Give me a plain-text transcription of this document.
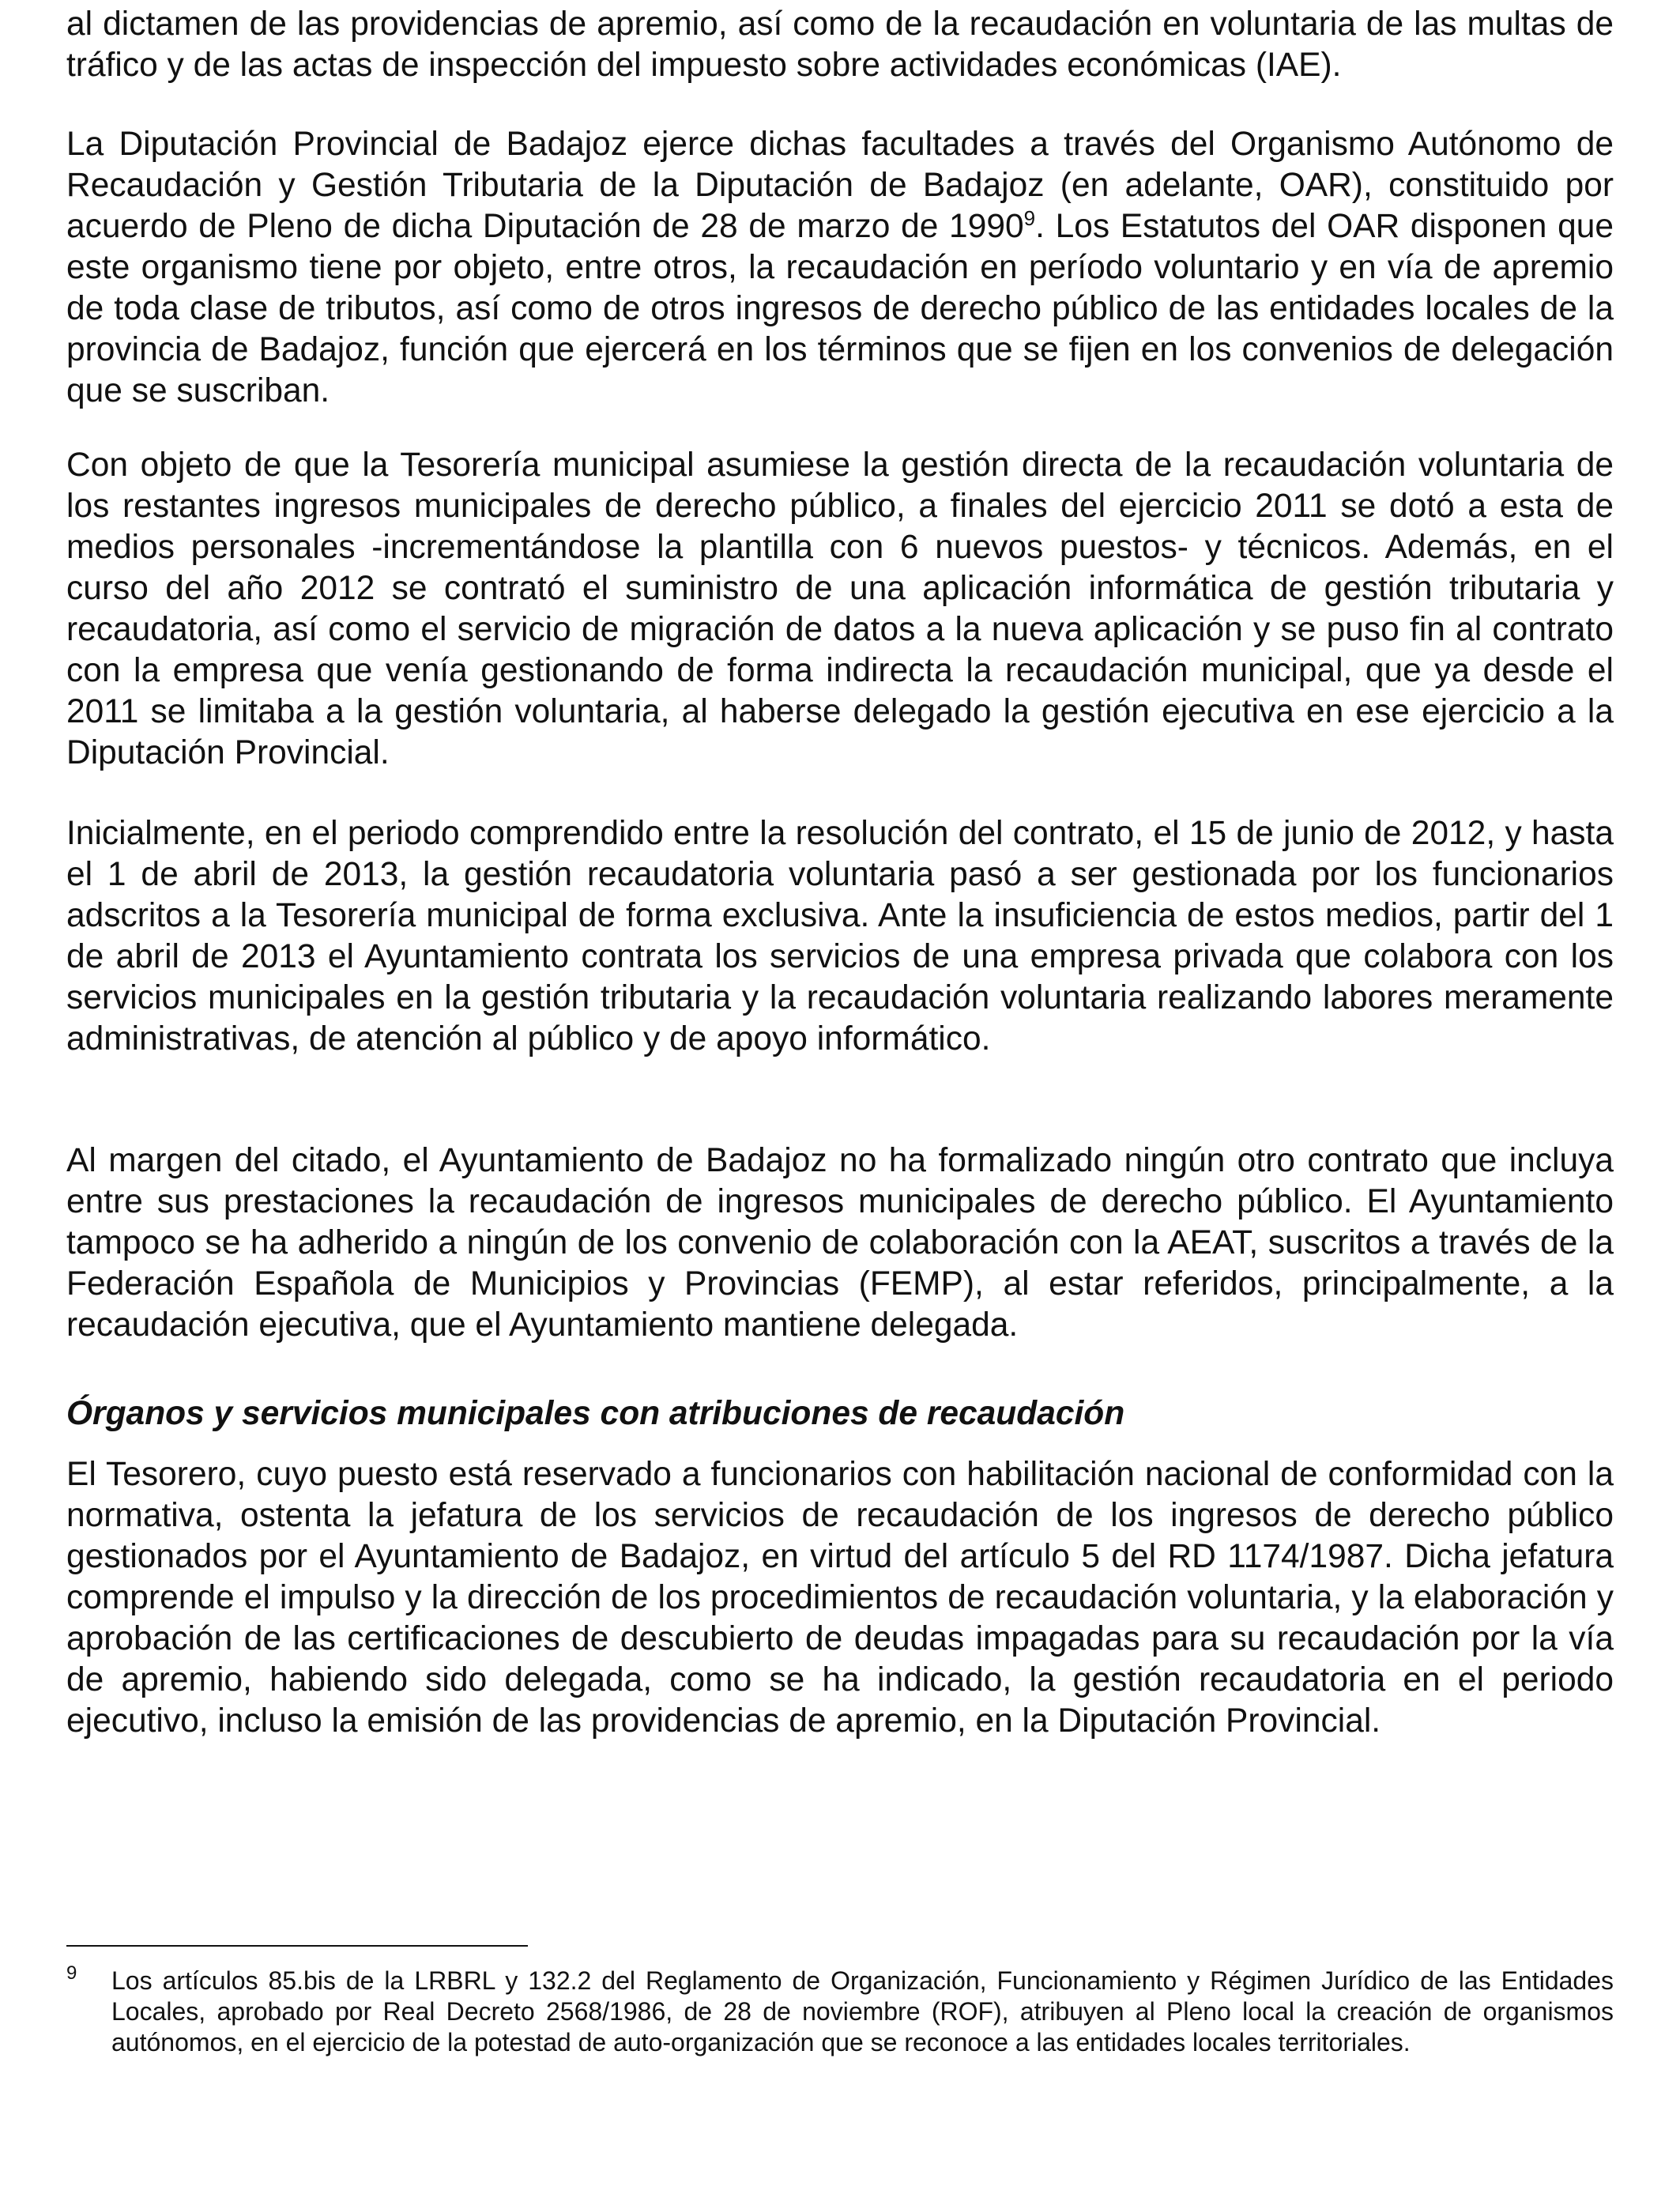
al dictamen de las providencias de apremio, así como de la recaudación en voluntaria de las multas de tráfico y de las actas de inspección del impuesto sobre actividades económicas (IAE).

La Diputación Provincial de Badajoz ejerce dichas facultades a través del Organismo Autónomo de Recaudación y Gestión Tributaria de la Diputación de Badajoz (en adelante, OAR), constituido por acuerdo de Pleno de dicha Diputación de 28 de marzo de 1990$^9$. Los Estatutos del OAR disponen que este organismo tiene por objeto, entre otros, la recaudación en período voluntario y en vía de apremio de toda clase de tributos, así como de otros ingresos de derecho público de las entidades locales de la provincia de Badajoz, función que ejercerá en los términos que se fijen en los convenios de delegación que se suscriban.

Con objeto de que la Tesorería municipal asumiese la gestión directa de la recaudación voluntaria de los restantes ingresos municipales de derecho público, a finales del ejercicio 2011 se dotó a esta de medios personales -incrementándose la plantilla con 6 nuevos puestos- y técnicos. Además, en el curso del año 2012 se contrató el suministro de una aplicación informática de gestión tributaria y recaudatoria, así como el servicio de migración de datos a la nueva aplicación y se puso fin al contrato con la empresa que venía gestionando de forma indirecta la recaudación municipal, que ya desde el 2011 se limitaba a la gestión voluntaria, al haberse delegado la gestión ejecutiva en ese ejercicio a la Diputación Provincial.

Inicialmente, en el periodo comprendido entre la resolución del contrato, el 15 de junio de 2012, y hasta el 1 de abril de 2013, la gestión recaudatoria voluntaria pasó a ser gestionada por los funcionarios adscritos a la Tesorería municipal de forma exclusiva. Ante la insuficiencia de estos medios, partir del 1 de abril de 2013 el Ayuntamiento contrata los servicios de una empresa privada que colabora con los servicios municipales en la gestión tributaria y la recaudación voluntaria realizando labores meramente administrativas, de atención al público y de apoyo informático.

Al margen del citado, el Ayuntamiento de Badajoz no ha formalizado ningún otro contrato que incluya entre sus prestaciones la recaudación de ingresos municipales de derecho público. El Ayuntamiento tampoco se ha adherido a ningún de los convenio de colaboración con la AEAT, suscritos a través de la Federación Española de Municipios y Provincias (FEMP), al estar referidos, principalmente, a la recaudación ejecutiva, que el Ayuntamiento mantiene delegada.

Órganos y servicios municipales con atribuciones de recaudación

El Tesorero, cuyo puesto está reservado a funcionarios con habilitación nacional de conformidad con la normativa, ostenta la jefatura de los servicios de recaudación de los ingresos de derecho público gestionados por el Ayuntamiento de Badajoz, en virtud del artículo 5 del RD 1174/1987. Dicha jefatura comprende el impulso y la dirección de los procedimientos de recaudación voluntaria, y la elaboración y aprobación de las certificaciones de descubierto de deudas impagadas para su recaudación por la vía de apremio, habiendo sido delegada, como se ha indicado, la gestión recaudatoria en el periodo ejecutivo, incluso la emisión de las providencias de apremio, en la Diputación Provincial.

9 Los artículos 85.bis de la LRBRL y 132.2 del Reglamento de Organización, Funcionamiento y Régimen Jurídico de las Entidades Locales, aprobado por Real Decreto 2568/1986, de 28 de noviembre (ROF), atribuyen al Pleno local la creación de organismos autónomos, en el ejercicio de la potestad de auto-organización que se reconoce a las entidades locales territoriales.
